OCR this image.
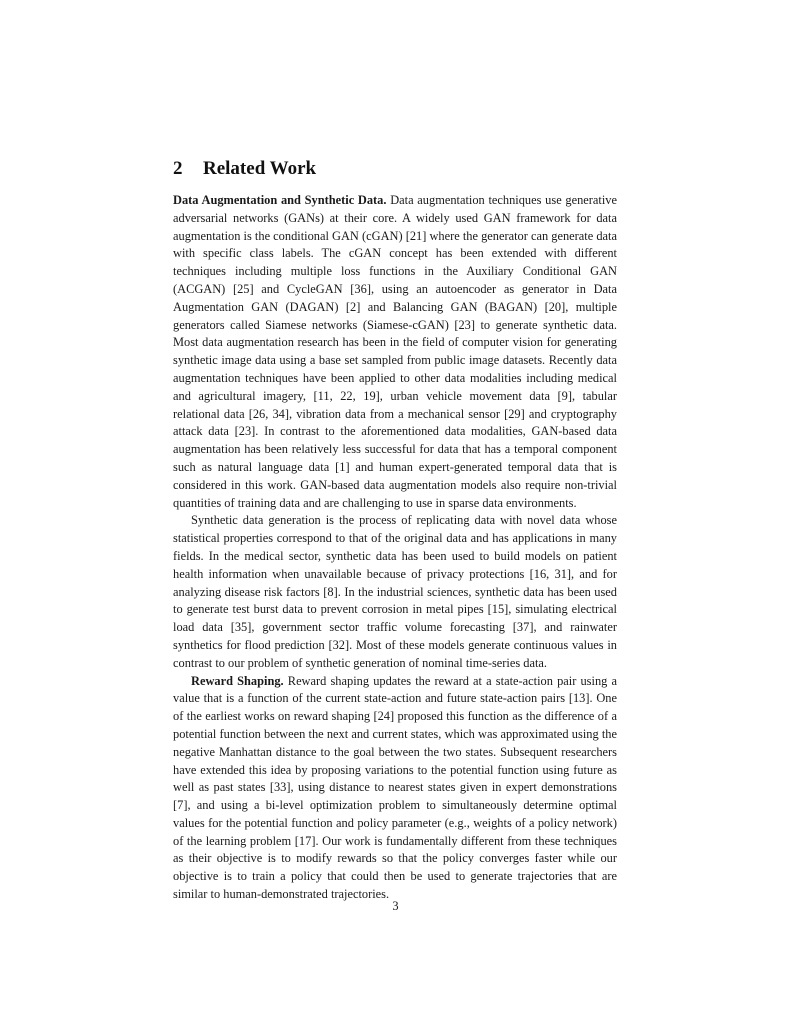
2 Related Work

Data Augmentation and Synthetic Data. Data augmentation techniques use generative adversarial networks (GANs) at their core. A widely used GAN framework for data augmentation is the conditional GAN (cGAN) [21] where the generator can generate data with specific class labels. The cGAN concept has been extended with different techniques including multiple loss functions in the Auxiliary Conditional GAN (ACGAN) [25] and CycleGAN [36], using an autoencoder as generator in Data Augmentation GAN (DAGAN) [2] and Balancing GAN (BAGAN) [20], multiple generators called Siamese networks (Siamese-cGAN) [23] to generate synthetic data. Most data augmentation research has been in the field of computer vision for generating synthetic image data using a base set sampled from public image datasets. Recently data augmentation techniques have been applied to other data modalities including medical and agricultural imagery, [11, 22, 19], urban vehicle movement data [9], tabular relational data [26, 34], vibration data from a mechanical sensor [29] and cryptography attack data [23]. In contrast to the aforementioned data modalities, GAN-based data augmentation has been relatively less successful for data that has a temporal component such as natural language data [1] and human expert-generated temporal data that is considered in this work. GAN-based data augmentation models also require non-trivial quantities of training data and are challenging to use in sparse data environments.

Synthetic data generation is the process of replicating data with novel data whose statistical properties correspond to that of the original data and has applications in many fields. In the medical sector, synthetic data has been used to build models on patient health information when unavailable because of privacy protections [16, 31], and for analyzing disease risk factors [8]. In the industrial sciences, synthetic data has been used to generate test burst data to prevent corrosion in metal pipes [15], simulating electrical load data [35], government sector traffic volume forecasting [37], and rainwater synthetics for flood prediction [32]. Most of these models generate continuous values in contrast to our problem of synthetic generation of nominal time-series data.

Reward Shaping. Reward shaping updates the reward at a state-action pair using a value that is a function of the current state-action and future state-action pairs [13]. One of the earliest works on reward shaping [24] proposed this function as the difference of a potential function between the next and current states, which was approximated using the negative Manhattan distance to the goal between the two states. Subsequent researchers have extended this idea by proposing variations to the potential function using future as well as past states [33], using distance to nearest states given in expert demonstrations [7], and using a bi-level optimization problem to simultaneously determine optimal values for the potential function and policy parameter (e.g., weights of a policy network) of the learning problem [17]. Our work is fundamentally different from these techniques as their objective is to modify rewards so that the policy converges faster while our objective is to train a policy that could then be used to generate trajectories that are similar to human-demonstrated trajectories.

3
